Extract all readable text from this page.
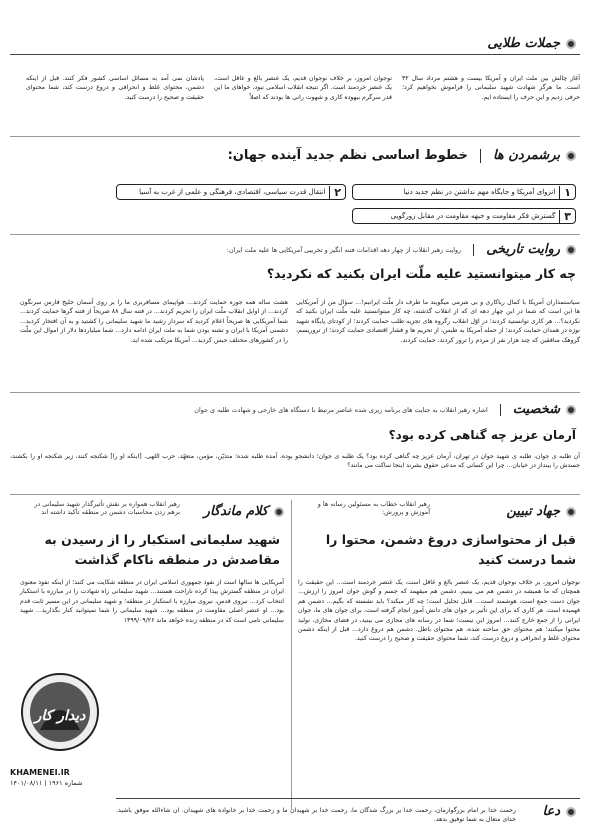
جملات طلایی
آغاز چالش بین ملت ایران و آمریکا بیست و هشتم مرداد سال ۳۲ است. ما هرگز شهادت شهید سلیمانی را فراموش نخواهیم کرد؛ حرفی زدیم و این حرف را ایستاده ایم.
نوجوان امروز، بر خلاف نوجوان قدیم، یک عنصر بالغ و عاقل است، یک عنصر خردمند است. اگر نتیجه انقلاب اسلامی نبود، خواهای ما این قدر سرگرم بیهوده کاری و شهوت رانی ها بودند که اصلاً
پادشان نمی آمد به مسائل اساسی کشور فکر کنند. قبل از اینکه دشمن، محتوای غلط و انحرافی و دروغ درست کند، شما محتوای حقیقت و صحیح را درست کنید.
برشمردن ها
خطوط اساسی نظم جدید آینده جهان:
۱
انزوای آمریکا و جایگاه مهم نداشتن در نظم جدید دنیا
۲
انتقال قدرت سیاسی، اقتصادی، فرهنگی و علمی از غرب به آسیا
۳
گسترش فکر مقاومت و جبهه مقاومت در مقابل زورگویی
روایت تاریخی
روایت رهبر انقلاب از چهار دهه اقدامات فتنه انگیز و تخریبی آمریکایی ها علیه ملت ایران:
چه کار میتوانستید علیه ملّت ایران بکنید که نکردید؟
سیاستمداران آمریکا با کمال ریاکاری و بی شرمی میگویند ما طرف دار ملّت ایرانیم!... سؤال من از آمریکایی ها این است که شما در این چهار دهه ای که از انقلاب گذشته، چه کار میتوانستید علیه ملّت ایران بکنید که نکردید؟... هر کاری توانستید کردند؛ در اوّل انقلاب رگروه های تجزیه طلب حمایت کردند؛ از کودتای پایگاه شهید نوژه در همدان حمایت کردند؛ از حمله آمریکا به طبس، از تحریم ها و فشار اقتصادی حمایت کردند؛ از تروریسم، گروهک منافقین که چند هزار نفر از مردم را ترور کردند، حمایت کردند.
هشت ساله همه جوره حمایت کردند... هواپیمای مسافربری ما را بر روی آسمان خلیج فارس سرنگون کردند... از اوایل انقلاب ملّت ایران را تحریم کردند... در فتنه سال ۸۸ صریحاً از فتنه گرها حمایت کردند... شما آمریکایی ها صریحاً اعلام کردید که سردار رشید ما شهید سلیمانی را کشتید و به آن افتخار کردید... دشمنی آمریکا با ایران و تشنه بودن شما به ملت ایران ادامه دارد... شما میلیاردها دلار از اموال این ملّت را در کشورهای مختلف حبس کردید... آمریکا مرتکب شده اید.
شخصیت
اشاره رهبر انقلاب به جنایت های برنامه ریزی شده عناصر مرتبط با دستگاه های خارجی و شهادت طلبه ی جوان
آرمان عزیز چه گناهی کرده بود؟
آن طلبه ی جوان، طلبه ی شهید جوان در تهران، آرمان عزیز چه گناهی کرده بود؟ یک طلبه ی جوان؛ دانشجو بوده، آمده طلبه شده؛ متدیّن، مؤمن، متعهّد، حزب اللهی. [اینکه او را] شکنجه کنند، زیر شکنجه او را بکشند، جسدش را بینداز در خیابان... چرا این کسانی که مدعی حقوق بشرند اینجا ساکت می مانند؟
جهاد تبیین
رهبر انقلاب خطاب به مسئولین رسانه ها و آموزش و پرورش:
قبل از محتواسازی دروغ دشمن، محتوا را شما درست کنید
نوجوان امروز، بر خلاف نوجوان قدیم، یک عنصر بالغ و عاقل است، یک عنصر خردمند است... این حقیقت را همچنان که ما همیشه در دشمن هم می بینیم، دشمن هم میفهمد که جسم و گوش جوان امروز را ارزش... جوان دست جمع است، هوشمند است... قابل تحلیل است؛ چه کار میکند؟ باید نشسته که بگیم... دشمن هم فهمیده است. هر کاری که برای این تأثیر بر جوان های دانش آموز انجام گرفته است، برای جوان های ما، جوان ایرانی را از جمع خارج کنند... امروز این نیست؛ شما در رسانه های مجازی می بینید، در فضای مجازی، تولید محتوا میکنند؛ هم محتوای حق ساخته شده، هم محتوای باطل. دشمن هم دروغ دارد... قبل از اینکه دشمن محتوای غلط و انحرافی و دروغ درست کند، شما محتوای حقیقت و صحیح را درست کنید.
کلام ماندگار
رهبر انقلاب همواره بر نقش تأثیرگذار شهید سلیمانی در برهم زدن محاسبات دشمن در منطقه تأکید داشته اند
شهید سلیمانی استکبار را از رسیدن به مقاصدش در منطقه ناکام گذاشت
آمریکایی ها سالها است از نفوذ جمهوری اسلامی ایران در منطقه شکایت می کنند؛ از اینکه نفوذ معنوی ایران در منطقه گسترش پیدا کرده ناراحت هستند... شهید سلیمانی راه شهادت را در مبارزه با استکبار انتخاب کرد... نیروی قدس، نیروی مبارزه با استکبار در منطقه؛ و شهید سلیمانی در این مسیر ثابت قدم بود... او عنصر اصلی مقاومت در منطقه بود... شهید سلیمانی را شما نمیتوانید کنار بگذارید... شهید سلیمانی نامی است که در منطقه زنده خواهد ماند ۱۳۹۹/۰۹/۲۶
ديدار كار
KHAMENEI.IR
شماره ۱۹۶۱ | ۱۴۰۱/۰۸/۱۱
دعا
رحمت خدا بر امام بزرگوارمان، رحمت خدا بر بزرگ شدگان ما، رحمت خدا بر شهیدان ما و رحمت خدا بر خانواده های شهیدان. ان شاءالله موفق باشید. خدای متعال به شما توفیق بدهد.
